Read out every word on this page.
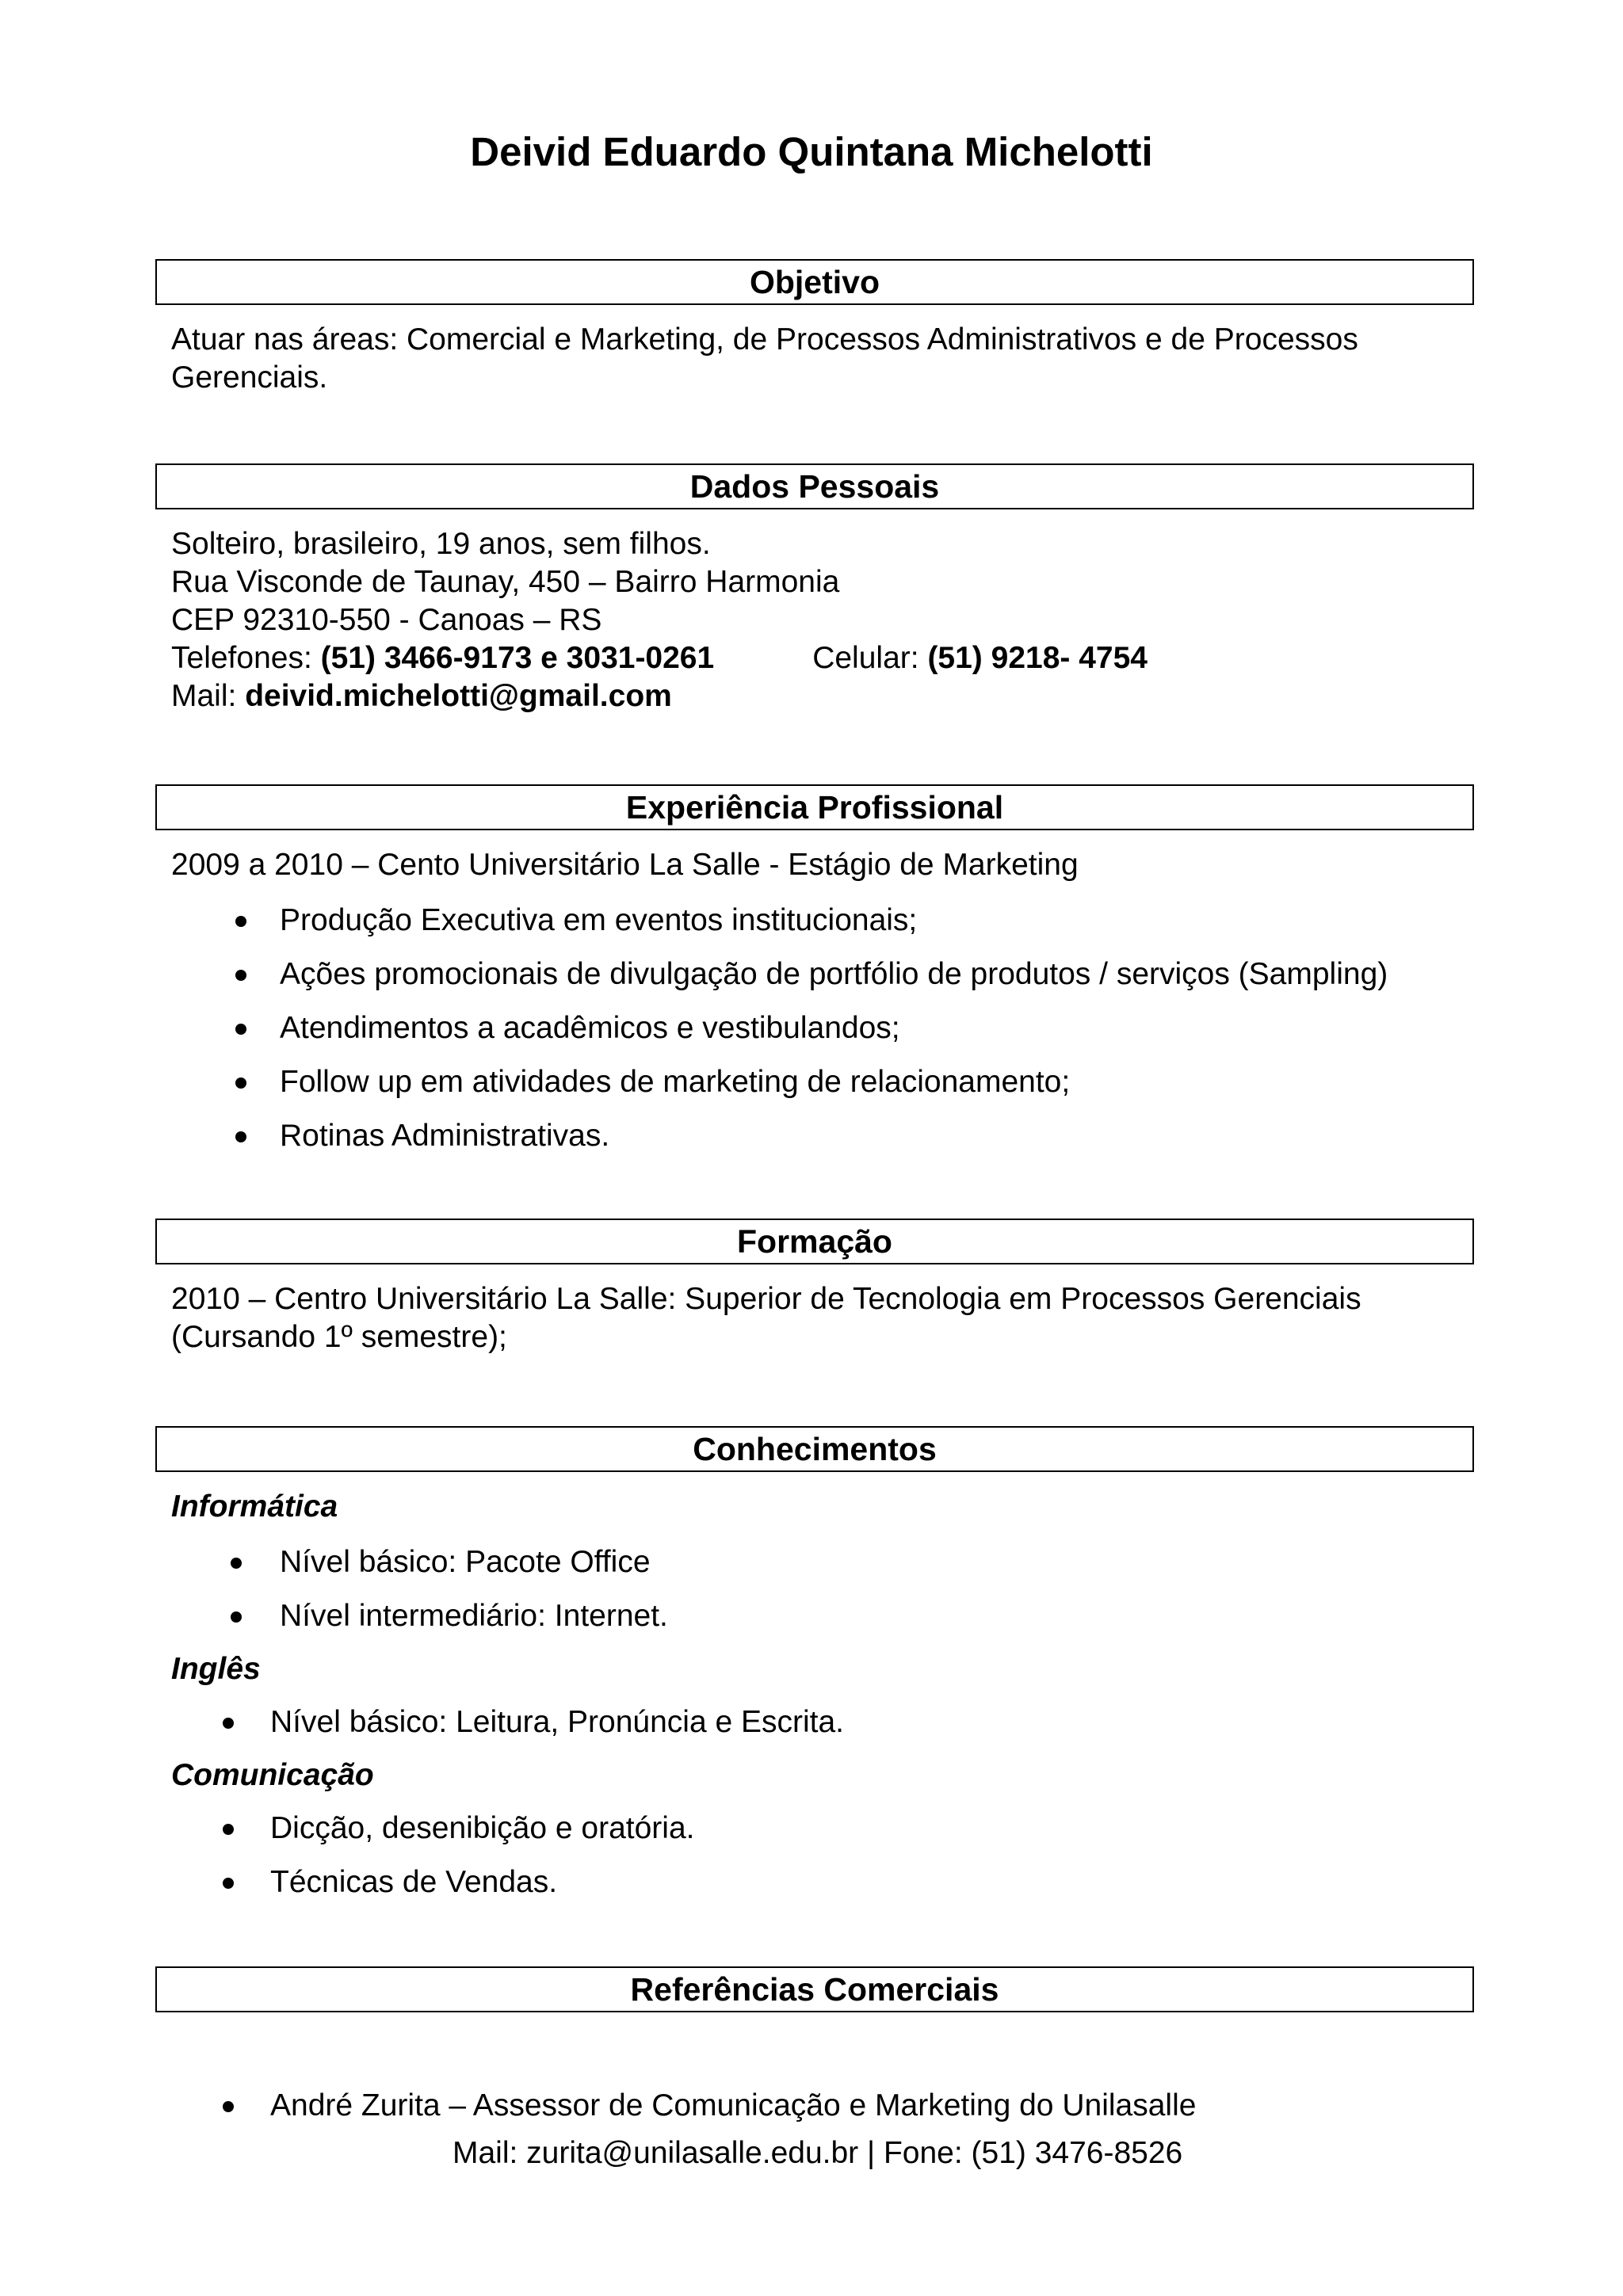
Deivid Eduardo Quintana Michelotti
Objetivo

Atuar nas áreas: Comercial e Marketing, de Processos Administrativos e de Processos

Gerenciais.

Dados Pessoais

Solteiro, brasileiro, 19 anos, sem filhos.

Rua Visconde de Taunay, 450 – Bairro Harmonia

CEP 92310-550 - Canoas – RS

Telefones: (51) 3466-9173 e 3031-0261	Celular: (51) 9218- 4754

Mail: deivid.michelotti@gmail.com

Experiência Profissional

2009 a 2010 – Cento Universitário La Salle - Estágio de Marketing

Produção Executiva em eventos institucionais;

Ações promocionais de divulgação de portfólio de produtos / serviços (Sampling)

Atendimentos a acadêmicos e vestibulandos;

Follow up em atividades de marketing de relacionamento;

Rotinas Administrativas.

Formação

2010 – Centro Universitário La Salle: Superior de Tecnologia em Processos Gerenciais

(Cursando 1º semestre);

Conhecimentos

Informática

Nível básico: Pacote Office

Nível intermediário: Internet.

Inglês

Nível básico: Leitura, Pronúncia e Escrita.

Comunicação

Dicção, desenibição e oratória.

Técnicas de Vendas.

Referências Comerciais

André Zurita – Assessor de Comunicação e Marketing do Unilasalle

Mail: zurita@unilasalle.edu.br | Fone: (51) 3476-8526
